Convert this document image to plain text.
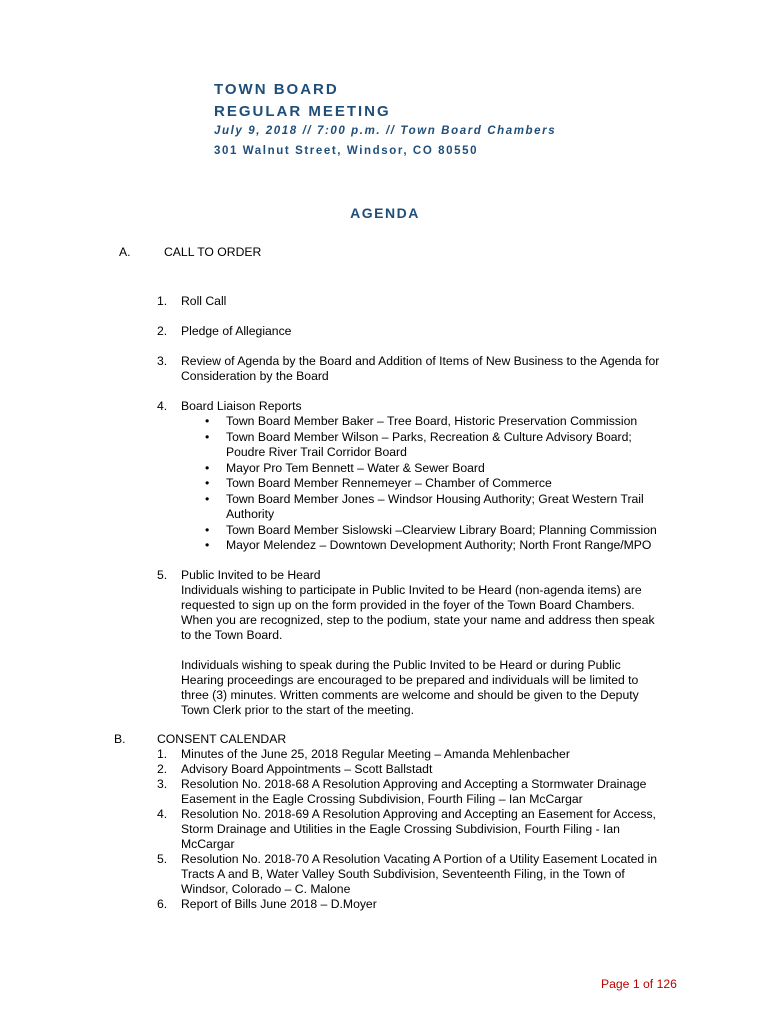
TOWN BOARD
REGULAR MEETING
July 9, 2018 // 7:00 p.m. // Town Board Chambers
301 Walnut Street, Windsor, CO 80550
AGENDA
A.	CALL TO ORDER
1. Roll Call
2. Pledge of Allegiance
3. Review of Agenda by the Board and Addition of Items of New Business to the Agenda for
Consideration by the Board
4. Board Liaison Reports
• Town Board Member Baker – Tree Board, Historic Preservation Commission
• Town Board Member Wilson – Parks, Recreation & Culture Advisory Board;
Poudre River Trail Corridor Board
• Mayor Pro Tem Bennett – Water & Sewer Board
• Town Board Member Rennemeyer – Chamber of Commerce
• Town Board Member Jones – Windsor Housing Authority; Great Western Trail
Authority
• Town Board Member Sislowski –Clearview Library Board; Planning Commission
• Mayor Melendez – Downtown Development Authority; North Front Range/MPO
5. Public Invited to be Heard
Individuals wishing to participate in Public Invited to be Heard (non-agenda items) are
requested to sign up on the form provided in the foyer of the Town Board Chambers.
When you are recognized, step to the podium, state your name and address then speak
to the Town Board.
Individuals wishing to speak during the Public Invited to be Heard or during Public
Hearing proceedings are encouraged to be prepared and individuals will be limited to
three (3) minutes. Written comments are welcome and should be given to the Deputy
Town Clerk prior to the start of the meeting.
B.	CONSENT CALENDAR
1. Minutes of the June 25, 2018 Regular Meeting – Amanda Mehlenbacher
2. Advisory Board Appointments – Scott Ballstadt
3. Resolution No. 2018-68 A Resolution Approving and Accepting a Stormwater Drainage
Easement in the Eagle Crossing Subdivision, Fourth Filing – Ian McCargar
4. Resolution No. 2018-69 A Resolution Approving and Accepting an Easement for Access,
Storm Drainage and Utilities in the Eagle Crossing Subdivision, Fourth Filing - Ian
McCargar
5. Resolution No. 2018-70 A Resolution Vacating A Portion of a Utility Easement Located in
Tracts A and B, Water Valley South Subdivision, Seventeenth Filing, in the Town of
Windsor, Colorado – C. Malone
6. Report of Bills June 2018 – D.Moyer
Page 1 of 126
